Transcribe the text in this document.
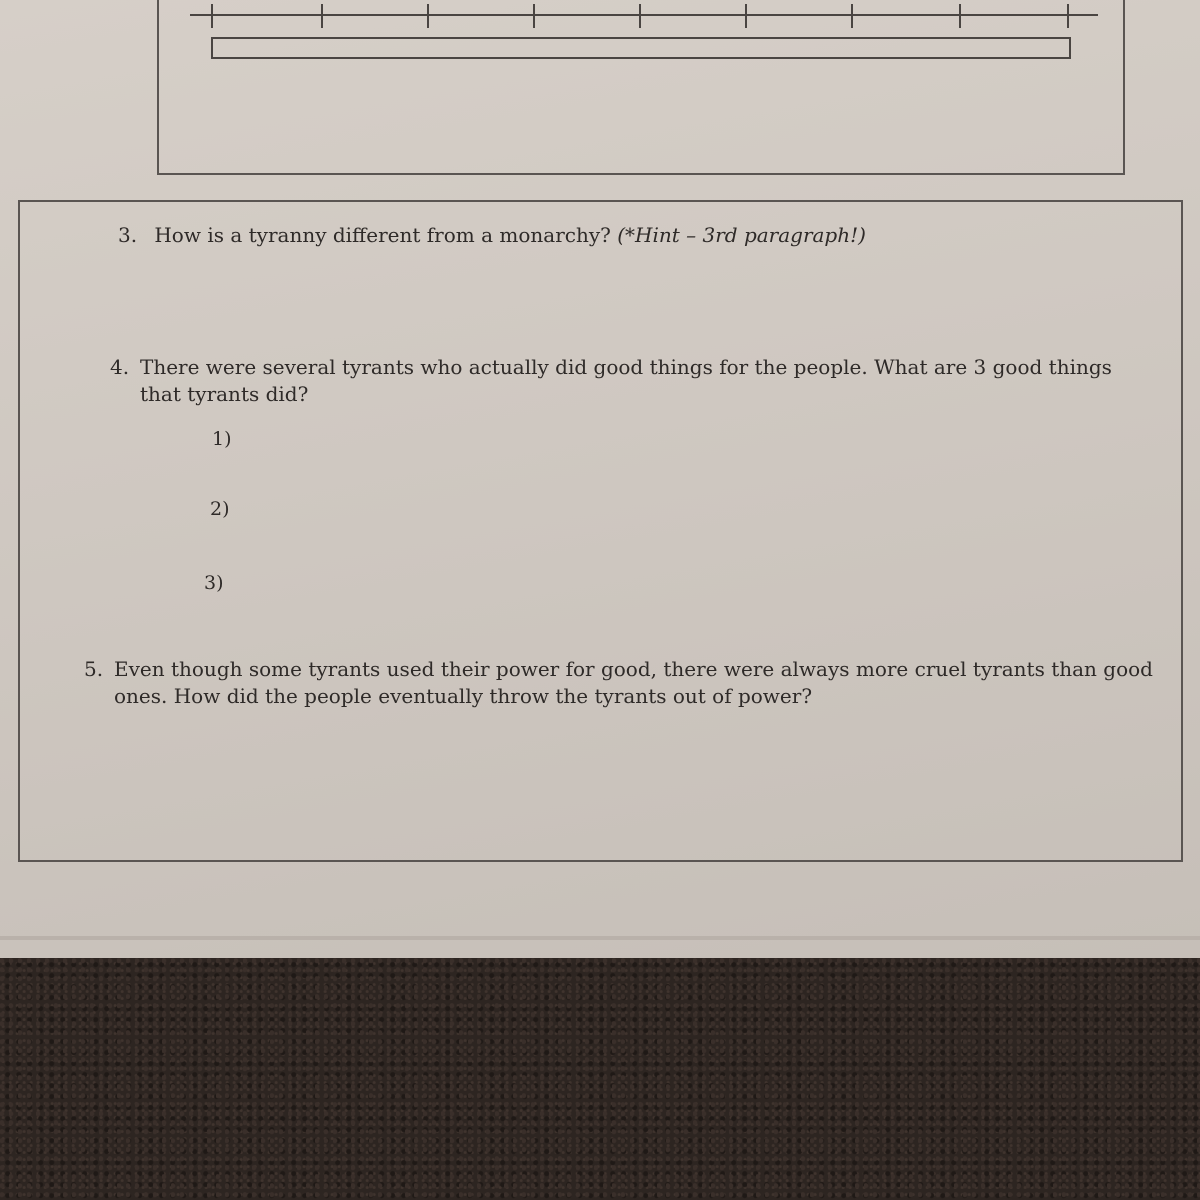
3. How is a tyranny different from a monarchy? (*Hint – 3rd paragraph!)
4. There were several tyrants who actually did good things for the people. What are 3 good things that tyrants did?
1)
2)
3)
5. Even though some tyrants used their power for good, there were always more cruel tyrants than good ones. How did the people eventually throw the tyrants out of power?
